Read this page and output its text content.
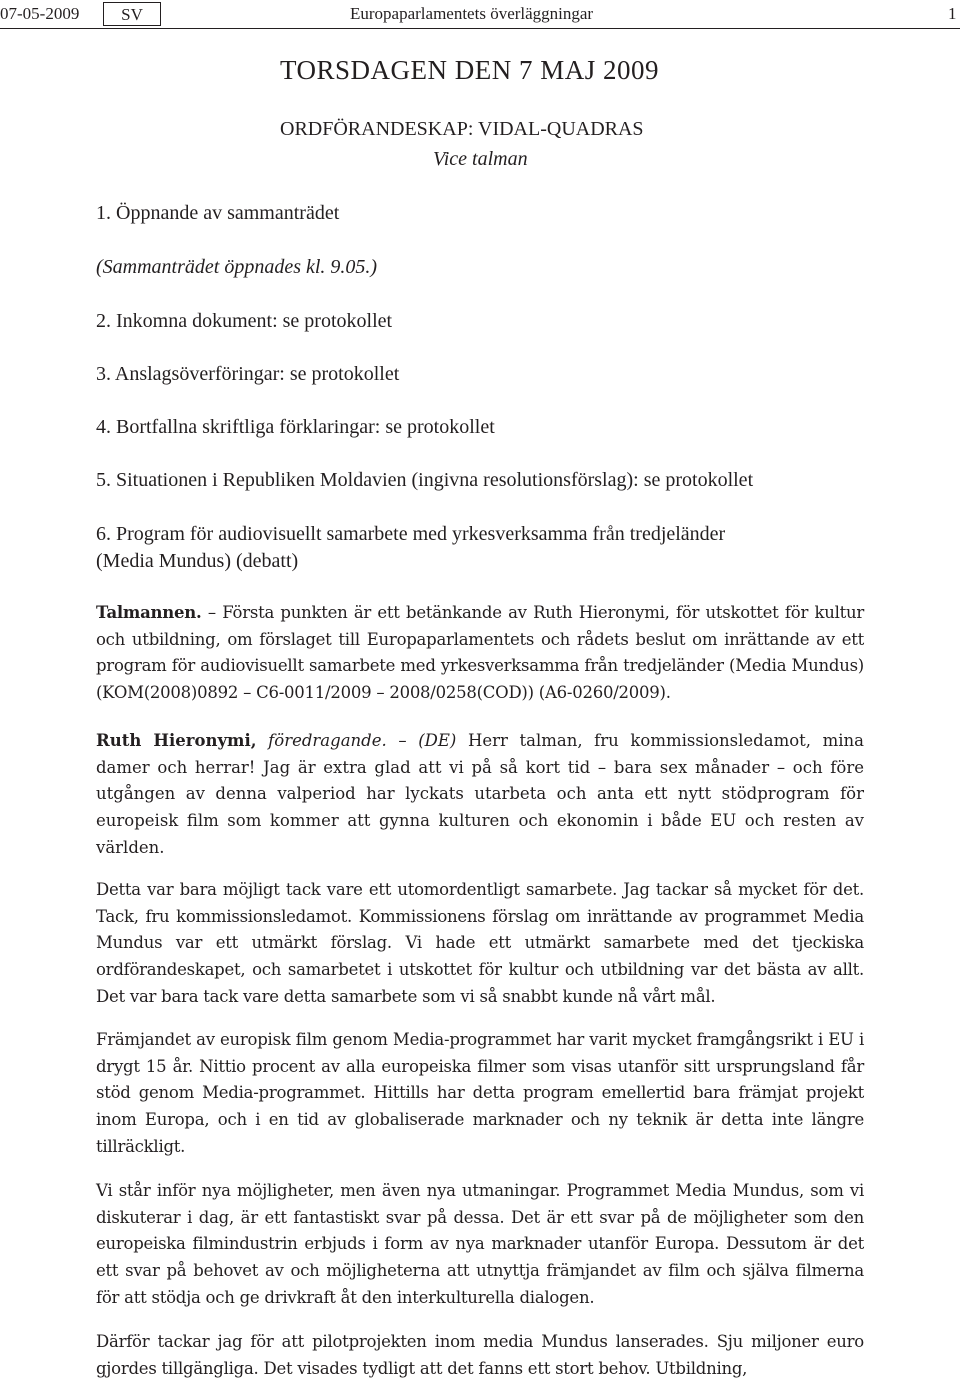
07-05-2009	SV	Europaparlamentets överläggningar	1
TORSDAGEN DEN 7 MAJ 2009
ORDFÖRANDESKAP: VIDAL-QUADRAS
Vice talman
1. Öppnande av sammanträdet
(Sammanträdet öppnades kl. 9.05.)
2. Inkomna dokument: se protokollet
3. Anslagsöverföringar: se protokollet
4. Bortfallna skriftliga förklaringar: se protokollet
5. Situationen i Republiken Moldavien (ingivna resolutionsförslag): se protokollet
6. Program för audiovisuellt samarbete med yrkesverksamma från tredjeländer
(Media Mundus) (debatt)
Talmannen. – Första punkten är ett betänkande av Ruth Hieronymi, för utskottet för kultur och utbildning, om förslaget till Europaparlamentets och rådets beslut om inrättande av ett program för audiovisuellt samarbete med yrkesverksamma från tredjeländer (Media Mundus) (KOM(2008)0892 – C6-0011/2009 – 2008/0258(COD)) (A6-0260/2009).
Ruth Hieronymi, föredragande. – (DE) Herr talman, fru kommissionsledamot, mina damer och herrar! Jag är extra glad att vi på så kort tid – bara sex månader – och före utgången av denna valperiod har lyckats utarbeta och anta ett nytt stödprogram för europeisk film som kommer att gynna kulturen och ekonomin i både EU och resten av världen.
Detta var bara möjligt tack vare ett utomordentligt samarbete. Jag tackar så mycket för det. Tack, fru kommissionsledamot. Kommissionens förslag om inrättande av programmet Media Mundus var ett utmärkt förslag. Vi hade ett utmärkt samarbete med det tjeckiska ordförandeskapet, och samarbetet i utskottet för kultur och utbildning var det bästa av allt. Det var bara tack vare detta samarbete som vi så snabbt kunde nå vårt mål.
Främjandet av europisk film genom Media-programmet har varit mycket framgångsrikt i EU i drygt 15 år. Nittio procent av alla europeiska filmer som visas utanför sitt ursprungsland får stöd genom Media-programmet. Hittills har detta program emellertid bara främjat projekt inom Europa, och i en tid av globaliserade marknader och ny teknik är detta inte längre tillräckligt.
Vi står inför nya möjligheter, men även nya utmaningar. Programmet Media Mundus, som vi diskuterar i dag, är ett fantastiskt svar på dessa. Det är ett svar på de möjligheter som den europeiska filmindustrin erbjuds i form av nya marknader utanför Europa. Dessutom är det ett svar på behovet av och möjligheterna att utnyttja främjandet av film och själva filmerna för att stödja och ge drivkraft åt den interkulturella dialogen.
Därför tackar jag för att pilotprojekten inom media Mundus lanserades. Sju miljoner euro gjordes tillgängliga. Det visades tydligt att det fanns ett stort behov. Utbildning,
